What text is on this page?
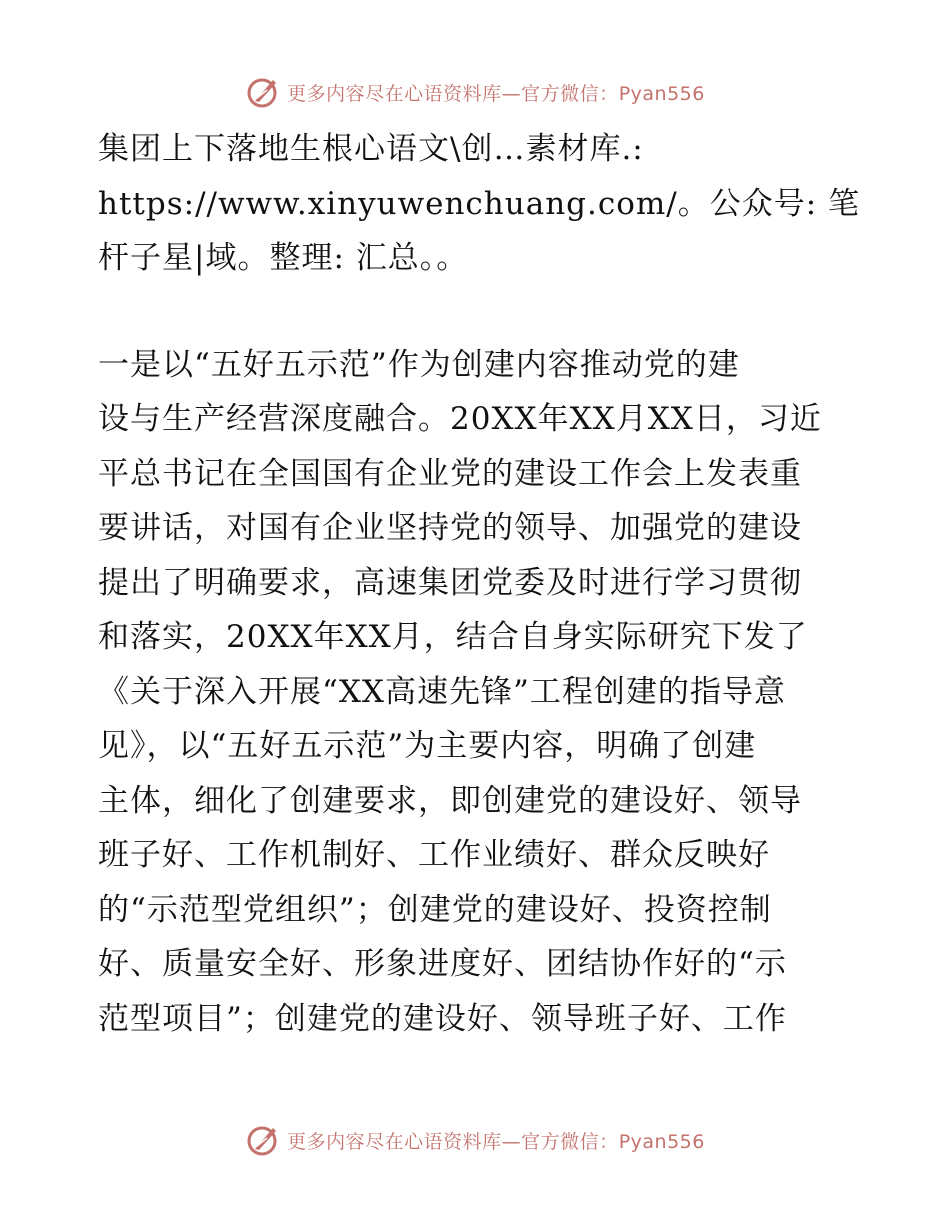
更多内容尽在心语资料库—官方微信：Pyan556
集团上下落地生根心语文\创…素材库.:
https://www.xinyuwenchuang.com/。公众号: 笔
杆子星|域。整理: 汇总。。
一是以“五好五示范”作为创建内容推动党的建
设与生产经营深度融合。20XX年XX月XX日，习近
平总书记在全国国有企业党的建设工作会上发表重
要讲话，对国有企业坚持党的领导、加强党的建设
提出了明确要求，高速集团党委及时进行学习贯彻
和落实，20XX年XX月，结合自身实际研究下发了
《关于深入开展“XX高速先锋”工程创建的指导意
见》，以“五好五示范”为主要内容，明确了创建
主体，细化了创建要求，即创建党的建设好、领导
班子好、工作机制好、工作业绩好、群众反映好
的“示范型党组织”；创建党的建设好、投资控制
好、质量安全好、形象进度好、团结协作好的“示
范型项目”；创建党的建设好、领导班子好、工作
更多内容尽在心语资料库—官方微信：Pyan556
